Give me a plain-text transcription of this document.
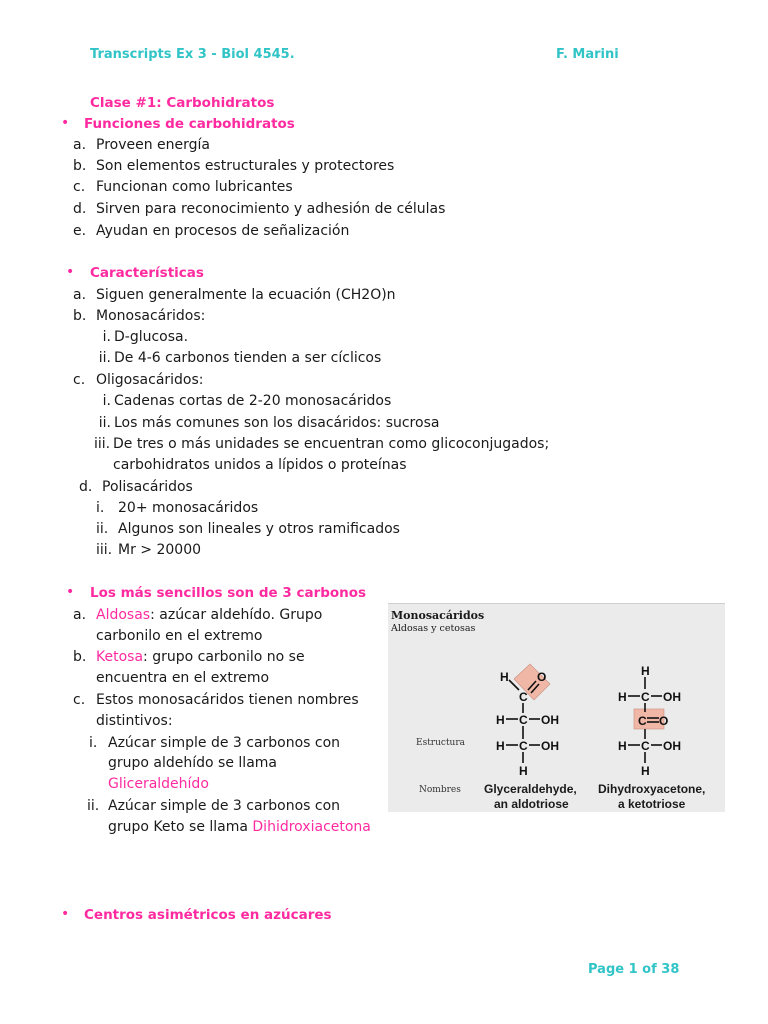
Transcripts Ex 3 - Biol 4545.	F. Marini
Clase #1: Carbohidratos
• Funciones de carbohidratos
a. Proveen energía
b. Son elementos estructurales y protectores
c. Funcionan como lubricantes
d. Sirven para reconocimiento y adhesión de células
e. Ayudan en procesos de señalización
• Características
a. Siguen generalmente la ecuación (CH2O)n
b. Monosacáridos:
i. D-glucosa.
ii. De 4-6 carbonos tienden a ser cíclicos
c. Oligosacáridos:
i. Cadenas cortas de 2-20 monosacáridos
ii. Los más comunes son los disacáridos: sucrosa
iii. De tres o más unidades se encuentran como glicoconjugados;
carbohidratos unidos a lípidos o proteínas
d. Polisacáridos
i. 20+ monosacáridos
ii. Algunos son lineales y otros ramificados
iii. Mr > 20000
• Los más sencillos son de 3 carbonos
a. Aldosas: azúcar aldehído. Grupo
carbonilo en el extremo
b. Ketosa: grupo carbonilo no se
encuentra en el extremo
c. Estos monosacáridos tienen nombres
distintivos:
i. Azúcar simple de 3 carbonos con
grupo aldehído se llama
Gliceraldehído
ii. Azúcar simple de 3 carbonos con
grupo Keto se llama Dihidroxiacetona
Monosacáridos
Aldosas y cetosas
Estructura
Nombres
H
C
O
H C OH
H C OH
H
H
H C OH
C O
H C OH
H
Glyceraldehyde,
an aldotriose
Dihydroxyacetone,
a ketotriose
• Centros asimétricos en azúcares
Page 1 of 38
